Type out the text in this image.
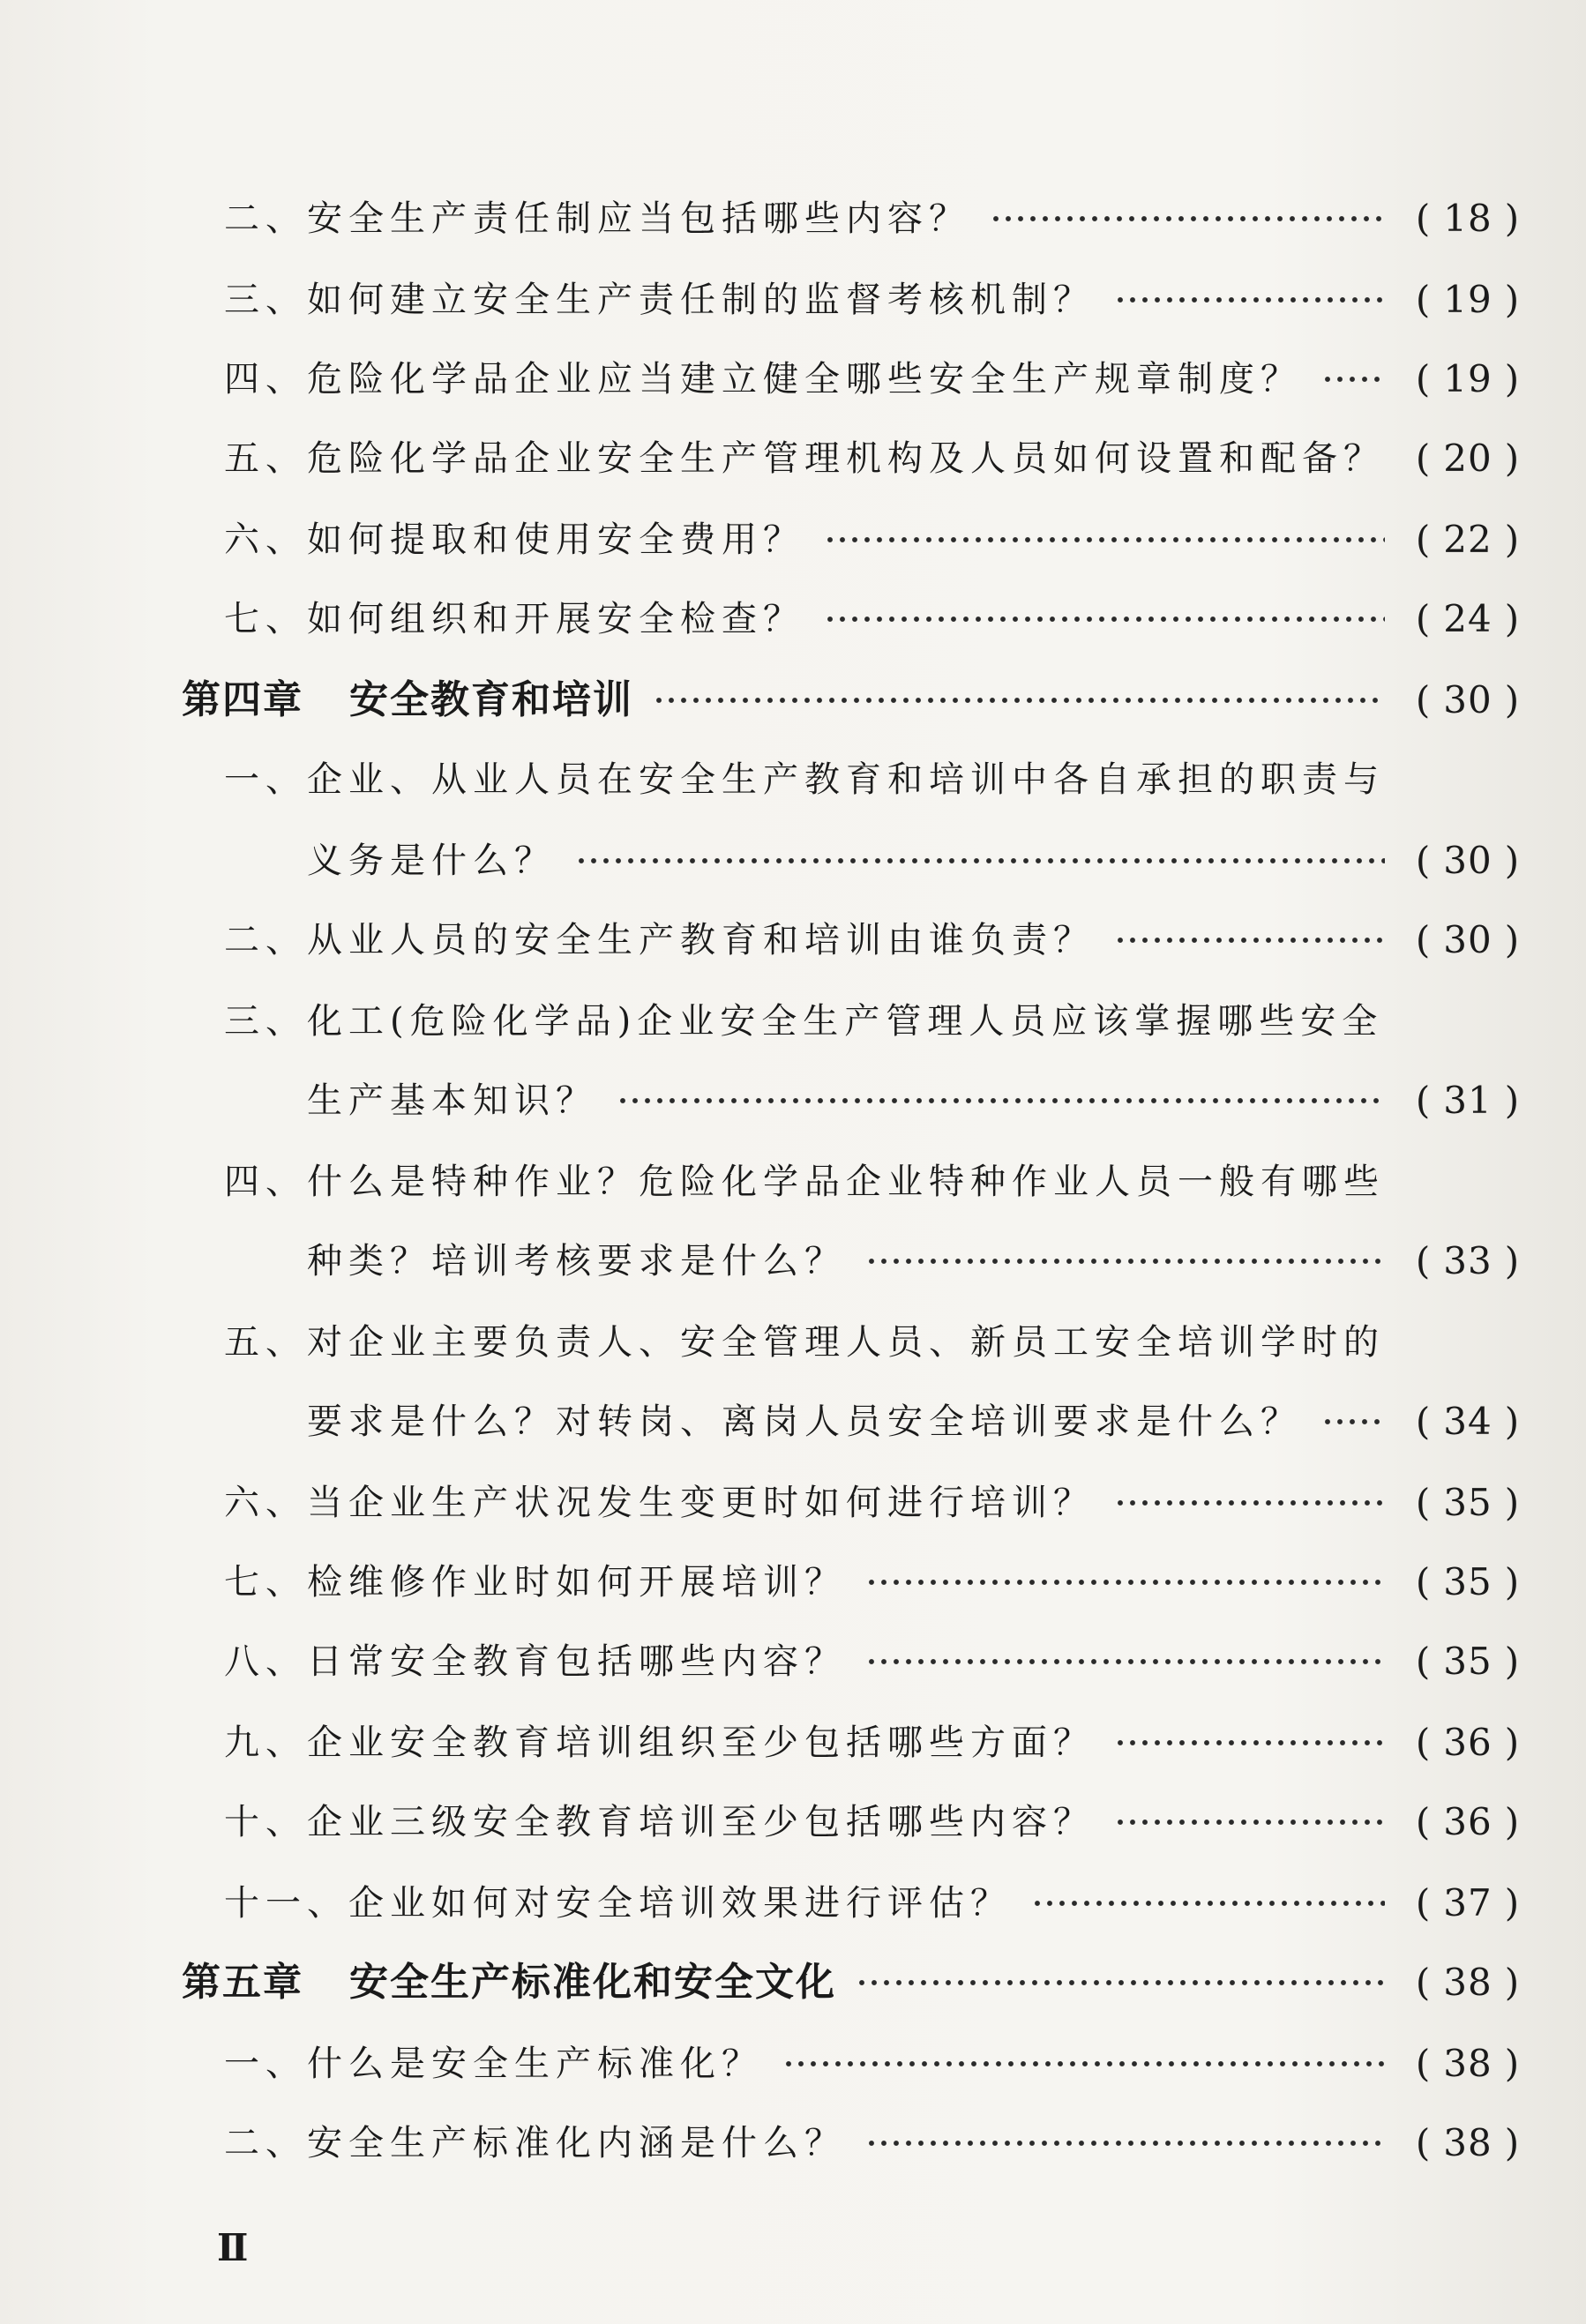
二、安全生产责任制应当包括哪些内容？	( 18 )
三、如何建立安全生产责任制的监督考核机制？	( 19 )
四、危险化学品企业应当建立健全哪些安全生产规章制度？	( 19 )
五、危险化学品企业安全生产管理机构及人员如何设置和配备？ ( 20 )
六、如何提取和使用安全费用？	( 22 )
七、如何组织和开展安全检查？	( 24 )
第四章 安全教育和培训	( 30 )
一、企业、从业人员在安全生产教育和培训中各自承担的职责与
义务是什么？	( 30 )
二、从业人员的安全生产教育和培训由谁负责？	( 30 )
三、化工(危险化学品)企业安全生产管理人员应该掌握哪些安全
生产基本知识？	( 31 )
四、什么是特种作业？危险化学品企业特种作业人员一般有哪些
种类？培训考核要求是什么？	( 33 )
五、对企业主要负责人、安全管理人员、新员工安全培训学时的
要求是什么？对转岗、离岗人员安全培训要求是什么？	( 34 )
六、当企业生产状况发生变更时如何进行培训？	( 35 )
七、检维修作业时如何开展培训？	( 35 )
八、日常安全教育包括哪些内容？	( 35 )
九、企业安全教育培训组织至少包括哪些方面？	( 36 )
十、企业三级安全教育培训至少包括哪些内容？	( 36 )
十一、企业如何对安全培训效果进行评估？	( 37 )
第五章 安全生产标准化和安全文化	( 38 )
一、什么是安全生产标准化？	( 38 )
二、安全生产标准化内涵是什么？	( 38 )
Ⅱ
